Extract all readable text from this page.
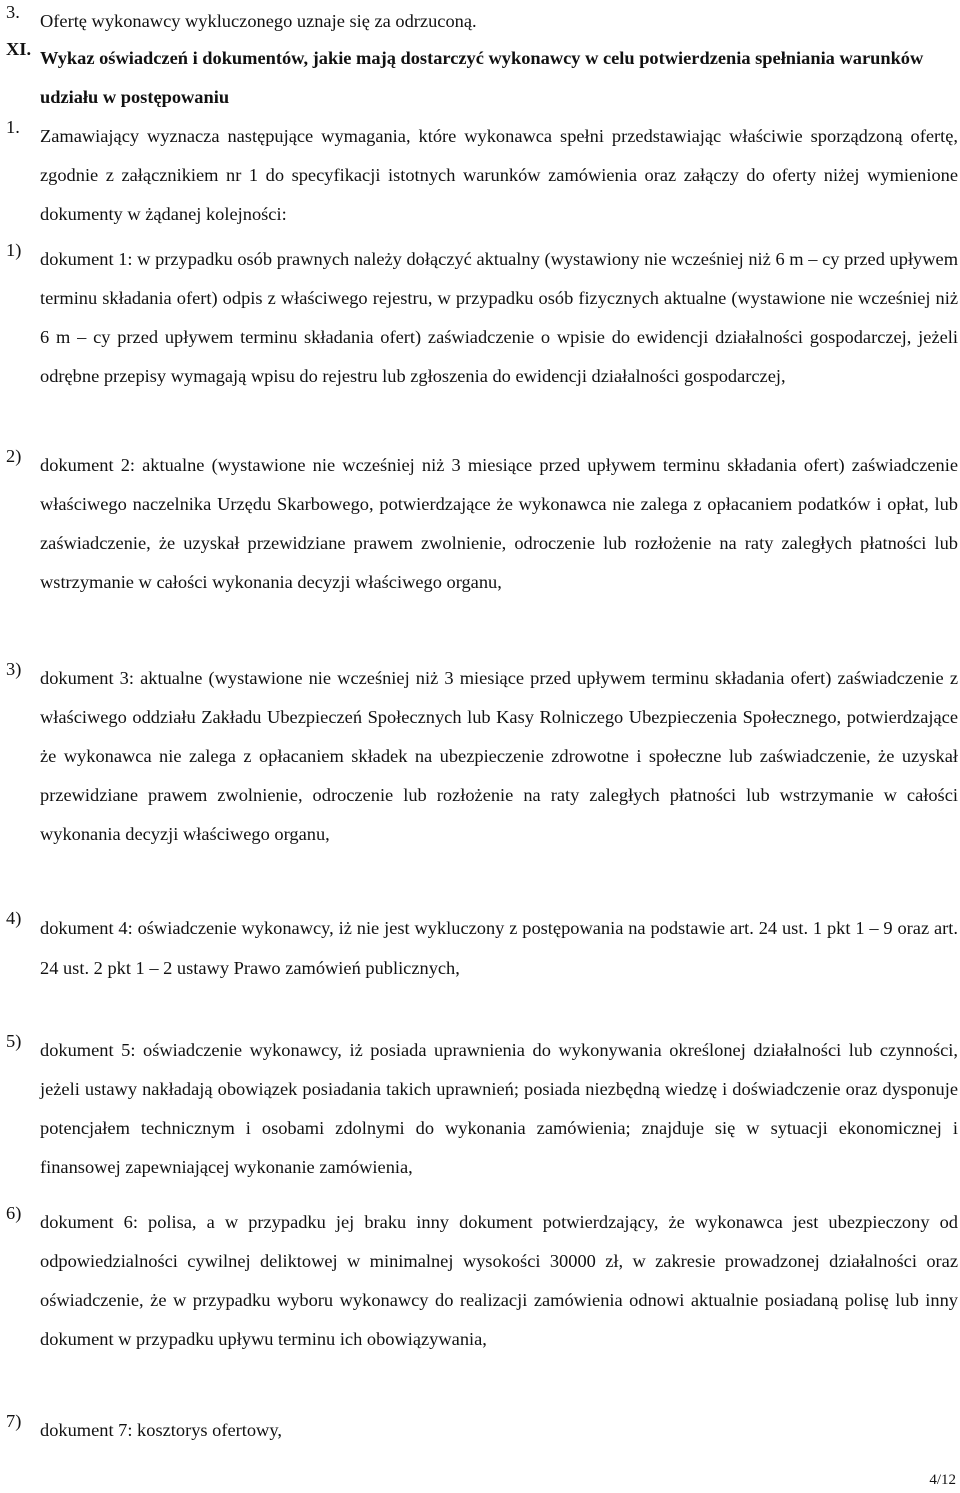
3. Ofertę wykonawcy wykluczonego uznaje się za odrzuconą.
XI. Wykaz oświadczeń i dokumentów, jakie mają dostarczyć wykonawcy w celu potwierdzenia spełniania warunków udziału w postępowaniu
1. Zamawiający wyznacza następujące wymagania, które wykonawca spełni przedstawiając właściwie sporządzoną ofertę, zgodnie z załącznikiem nr 1 do specyfikacji istotnych warunków zamówienia oraz załączy do oferty niżej wymienione dokumenty w żądanej kolejności:
1) dokument 1: w przypadku osób prawnych należy dołączyć aktualny (wystawiony nie wcześniej niż 6 m – cy przed upływem terminu składania ofert) odpis z właściwego rejestru, w przypadku osób fizycznych aktualne (wystawione nie wcześniej niż 6 m – cy przed upływem terminu składania ofert) zaświadczenie o wpisie do ewidencji działalności gospodarczej, jeżeli odrębne przepisy wymagają wpisu do rejestru lub zgłoszenia do ewidencji działalności gospodarczej,
2) dokument 2: aktualne (wystawione nie wcześniej niż 3 miesiące przed upływem terminu składania ofert) zaświadczenie właściwego naczelnika Urzędu Skarbowego, potwierdzające że wykonawca nie zalega z opłacaniem podatków i opłat, lub zaświadczenie, że uzyskał przewidziane prawem zwolnienie, odroczenie lub rozłożenie na raty zaległych płatności lub wstrzymanie w całości wykonania decyzji właściwego organu,
3) dokument 3: aktualne (wystawione nie wcześniej niż 3 miesiące przed upływem terminu składania ofert) zaświadczenie z właściwego oddziału Zakładu Ubezpieczeń Społecznych lub Kasy Rolniczego Ubezpieczenia Społecznego, potwierdzające że wykonawca nie zalega z opłacaniem składek na ubezpieczenie zdrowotne i społeczne lub zaświadczenie, że uzyskał przewidziane prawem zwolnienie, odroczenie lub rozłożenie na raty zaległych płatności lub wstrzymanie w całości wykonania decyzji właściwego organu,
4) dokument 4: oświadczenie wykonawcy, iż nie jest wykluczony z postępowania na podstawie art. 24 ust. 1 pkt 1 – 9 oraz art. 24 ust. 2 pkt 1 – 2 ustawy Prawo zamówień publicznych,
5) dokument 5: oświadczenie wykonawcy, iż posiada uprawnienia do wykonywania określonej działalności lub czynności, jeżeli ustawy nakładają obowiązek posiadania takich uprawnień; posiada niezbędną wiedzę i doświadczenie oraz dysponuje potencjałem technicznym i osobami zdolnymi do wykonania zamówienia; znajduje się w sytuacji ekonomicznej i finansowej zapewniającej wykonanie zamówienia,
6) dokument 6: polisa, a w przypadku jej braku inny dokument potwierdzający, że wykonawca jest ubezpieczony od odpowiedzialności cywilnej deliktowej w minimalnej wysokości 30000 zł, w zakresie prowadzonej działalności oraz oświadczenie, że w przypadku wyboru wykonawcy do realizacji zamówienia odnowi aktualnie posiadaną polisę lub inny dokument w przypadku upływu terminu ich obowiązywania,
7) dokument 7: kosztorys ofertowy,
4/12
